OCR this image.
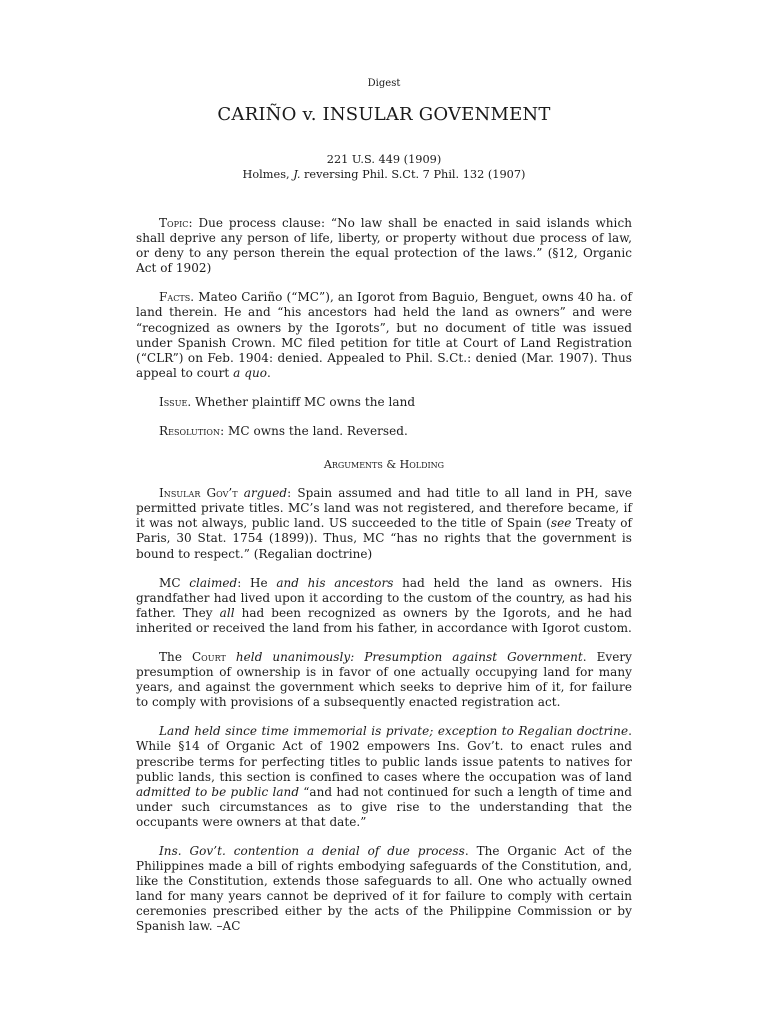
Digest
CARIÑO v. INSULAR GOVENMENT
221 U.S. 449 (1909)
Holmes, J. reversing Phil. S.Ct. 7 Phil. 132 (1907)

Topic: Due process clause: “No law shall be enacted in said islands which shall deprive any person of life, liberty, or property without due process of law, or deny to any person therein the equal protection of the laws.” (§12, Organic Act of 1902)

Facts. Mateo Cariño (“MC”), an Igorot from Baguio, Benguet, owns 40 ha. of land therein. He and “his ancestors had held the land as owners” and were “recognized as owners by the Igorots”, but no document of title was issued under Spanish Crown. MC filed petition for title at Court of Land Registration (“CLR”) on Feb. 1904: denied. Appealed to Phil. S.Ct.: denied (Mar. 1907). Thus appeal to court a quo.

Issue. Whether plaintiff MC owns the land

Resolution: MC owns the land. Reversed.

Arguments & Holding

Insular Gov’t argued: Spain assumed and had title to all land in PH, save permitted private titles. MC’s land was not registered, and therefore became, if it was not always, public land. US succeeded to the title of Spain (see Treaty of Paris, 30 Stat. 1754 (1899)). Thus, MC “has no rights that the government is bound to respect.” (Regalian doctrine)

MC claimed: He and his ancestors had held the land as owners. His grandfather had lived upon it according to the custom of the country, as had his father. They all had been recognized as owners by the Igorots, and he had inherited or received the land from his father, in accordance with Igorot custom.

The Court held unanimously: Presumption against Government. Every presumption of ownership is in favor of one actually occupying land for many years, and against the government which seeks to deprive him of it, for failure to comply with provisions of a subsequently enacted registration act.

Land held since time immemorial is private; exception to Regalian doctrine. While §14 of Organic Act of 1902 empowers Ins. Gov’t. to enact rules and prescribe terms for perfecting titles to public lands issue patents to natives for public lands, this section is confined to cases where the occupation was of land admitted to be public land “and had not continued for such a length of time and under such circumstances as to give rise to the understanding that the occupants were owners at that date.”

Ins. Gov’t. contention a denial of due process. The Organic Act of the Philippines made a bill of rights embodying safeguards of the Constitution, and, like the Constitution, extends those safeguards to all. One who actually owned land for many years cannot be deprived of it for failure to comply with certain ceremonies prescribed either by the acts of the Philippine Commission or by Spanish law. –AC
